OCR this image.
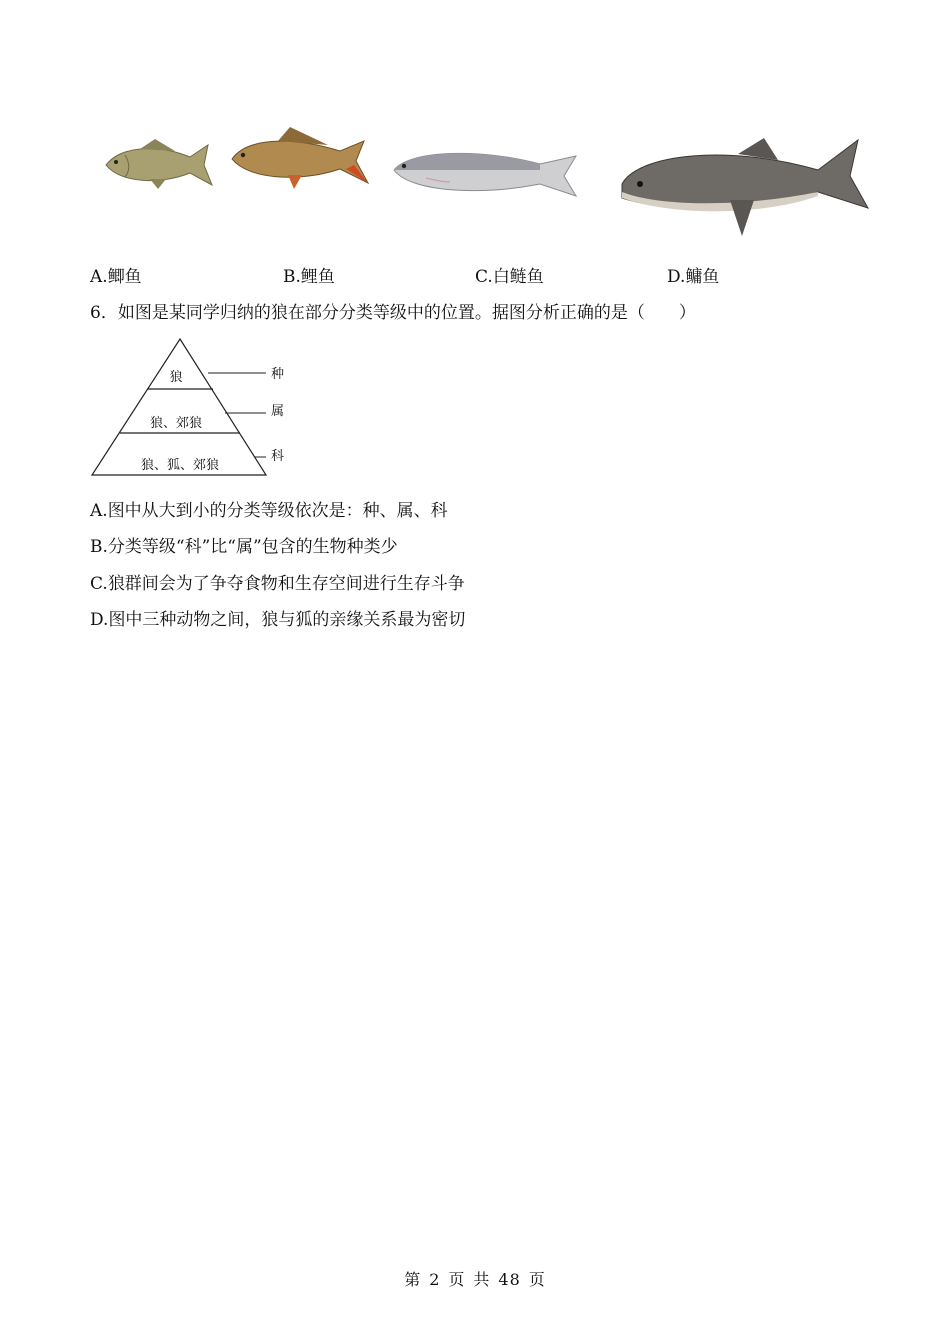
A.鲫鱼	B.鲤鱼	C.白鲢鱼	D.鳙鱼
6．如图是某同学归纳的狼在部分分类等级中的位置。据图分析正确的是（　　）
狼
狼、郊狼
狼、狐、郊狼
种
属
科
A.图中从大到小的分类等级依次是：种、属、科
B.分类等级“科”比“属”包含的生物种类少
C.狼群间会为了争夺食物和生存空间进行生存斗争
D.图中三种动物之间，狼与狐的亲缘关系最为密切
第 2 页 共 48 页
